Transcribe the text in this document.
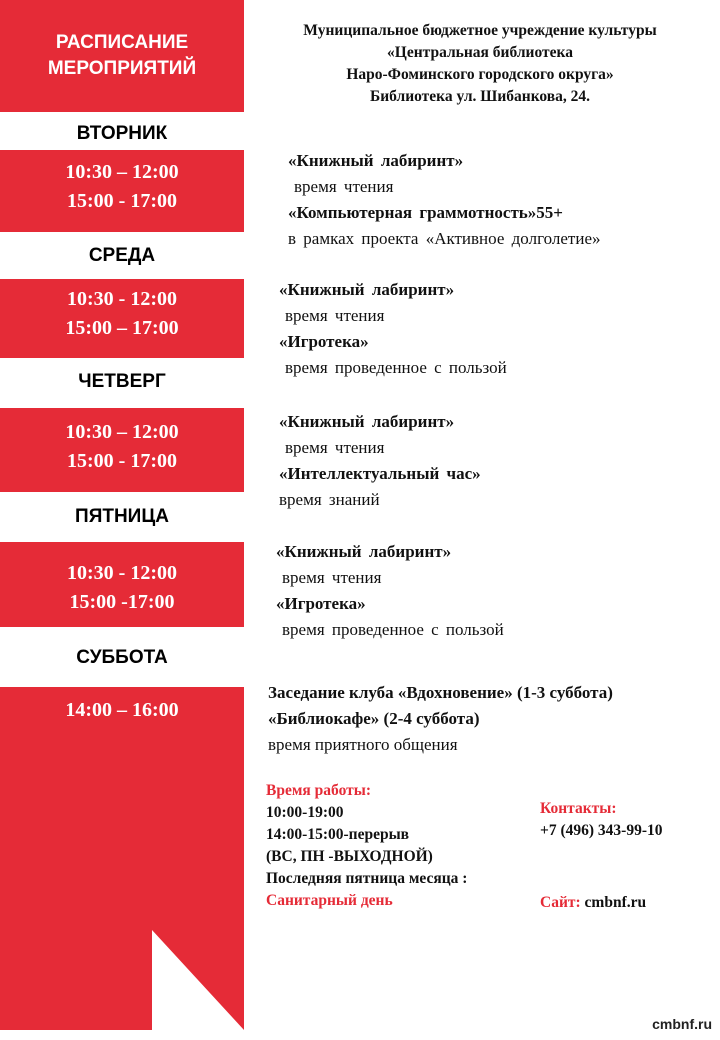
РАСПИСАНИЕ
МЕРОПРИЯТИЙ
ВТОРНИК
СРЕДА
ЧЕТВЕРГ
ПЯТНИЦА
СУББОТА
10:30 – 12:00
15:00 - 17:00
10:30 - 12:00
15:00 – 17:00
10:30 – 12:00
15:00 - 17:00
10:30 - 12:00
15:00 -17:00
14:00 – 16:00
Муниципальное бюджетное учреждение культуры
«Центральная библиотека
Наро-Фоминского городского округа»
Библиотека ул. Шибанкова, 24.
«Книжный лабиринт»
время чтения
«Компьютерная граммотность»55+
в рамках проекта «Активное долголетие»
«Книжный лабиринт»
время чтения
«Игротека»
время проведенное с пользой
«Книжный лабиринт»
время чтения
«Интеллектуальный час»
время знаний
«Книжный лабиринт»
время чтения
«Игротека»
время проведенное с пользой
Заседание клуба «Вдохновение» (1-3 суббота)
«Библиокафе» (2-4 суббота)
время приятного общения
Время работы:
10:00-19:00
14:00-15:00-перерыв
(ВС, ПН -ВЫХОДНОЙ)
Последняя пятница месяца :
Санитарный день
Контакты:
+7 (496) 343-99-10
Сайт: cmbnf.ru
cmbnf.ru
